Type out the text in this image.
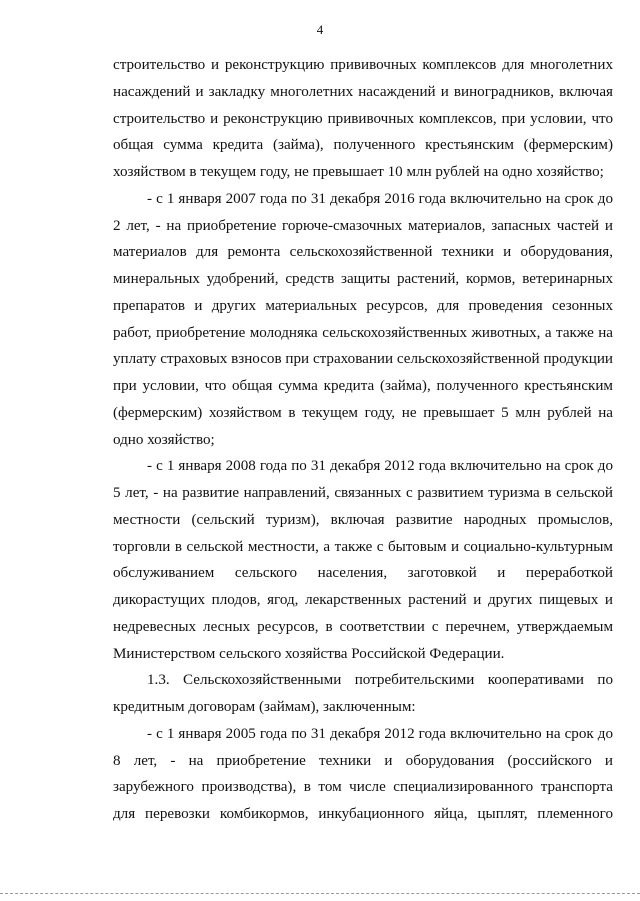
4

строительство и реконструкцию прививочных комплексов для многолетних насаждений и закладку многолетних насаждений и виноградников, включая строительство и реконструкцию прививочных комплексов, при условии, что общая сумма кредита (займа), полученного крестьянским (фермерским) хозяйством в текущем году, не превышает 10 млн рублей на одно хозяйство;

- с 1 января 2007 года по 31 декабря 2016 года включительно на срок до 2 лет, - на приобретение горюче-смазочных материалов, запасных частей и материалов для ремонта сельскохозяйственной техники и оборудования, минеральных удобрений, средств защиты растений, кормов, ветеринарных препаратов и других материальных ресурсов, для проведения сезонных работ, приобретение молодняка сельскохозяйственных животных, а также на уплату страховых взносов при страховании сельскохозяйственной продукции при условии, что общая сумма кредита (займа), полученного крестьянским (фермерским) хозяйством в текущем году, не превышает 5 млн рублей на одно хозяйство;

- с 1 января 2008 года по 31 декабря 2012 года включительно на срок до 5 лет, - на развитие направлений, связанных с развитием туризма в сельской местности (сельский туризм), включая развитие народных промыслов, торговли в сельской местности, а также с бытовым и социально-культурным обслуживанием сельского населения, заготовкой и переработкой дикорастущих плодов, ягод, лекарственных растений и других пищевых и недревесных лесных ресурсов, в соответствии с перечнем, утверждаемым Министерством сельского хозяйства Российской Федерации.

1.3. Сельскохозяйственными потребительскими кооперативами по кредитным договорам (займам), заключенным:

- с 1 января 2005 года по 31 декабря 2012 года включительно на срок до 8 лет, - на приобретение техники и оборудования (российского и зарубежного производства), в том числе специализированного транспорта для перевозки комбикормов, инкубационного яйца, цыплят, племенного
